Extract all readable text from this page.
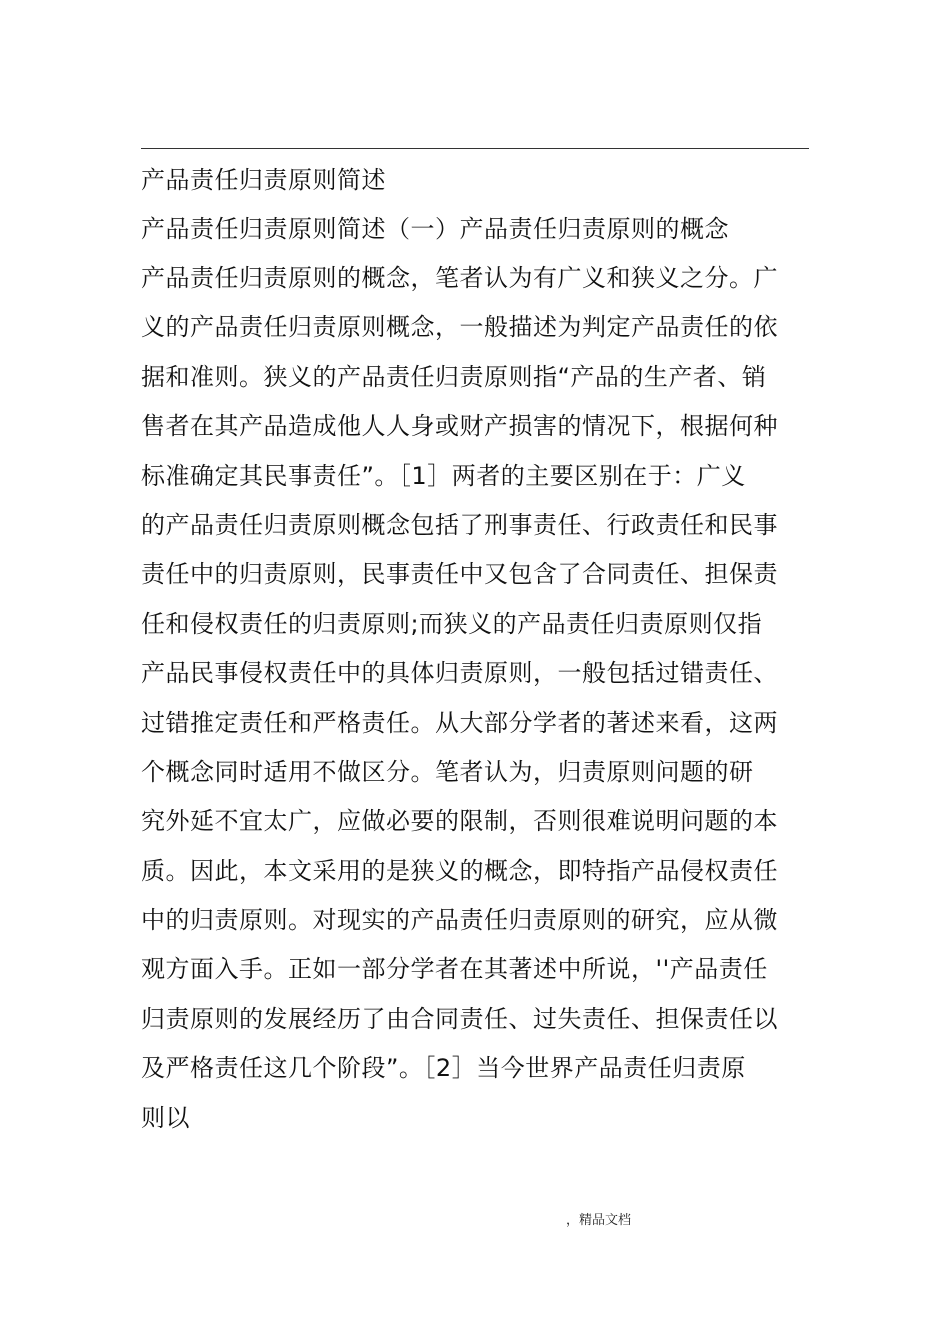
产品责任归责原则简述
产品责任归责原则简述（一）产品责任归责原则的概念
产品责任归责原则的概念，笔者认为有广义和狭义之分。广
义的产品责任归责原则概念，一般描述为判定产品责任的依
据和准则。狭义的产品责任归责原则指“产品的生产者、销
售者在其产品造成他人人身或财产损害的情况下，根据何种
标准确定其民事责任”。［1］两者的主要区别在于：广义
的产品责任归责原则概念包括了刑事责任、行政责任和民事
责任中的归责原则，民事责任中又包含了合同责任、担保责
任和侵权责任的归责原则;而狭义的产品责任归责原则仅指
产品民事侵权责任中的具体归责原则，一般包括过错责任、
过错推定责任和严格责任。从大部分学者的著述来看，这两
个概念同时适用不做区分。笔者认为，归责原则问题的研
究外延不宜太广，应做必要的限制，否则很难说明问题的本
质。因此，本文采用的是狭义的概念，即特指产品侵权责任
中的归责原则。对现实的产品责任归责原则的研究，应从微
观方面入手。正如一部分学者在其著述中所说，''产品责任
归责原则的发展经历了由合同责任、过失责任、担保责任以
及严格责任这几个阶段”。［2］当今世界产品责任归责原
则以
，精品文档
